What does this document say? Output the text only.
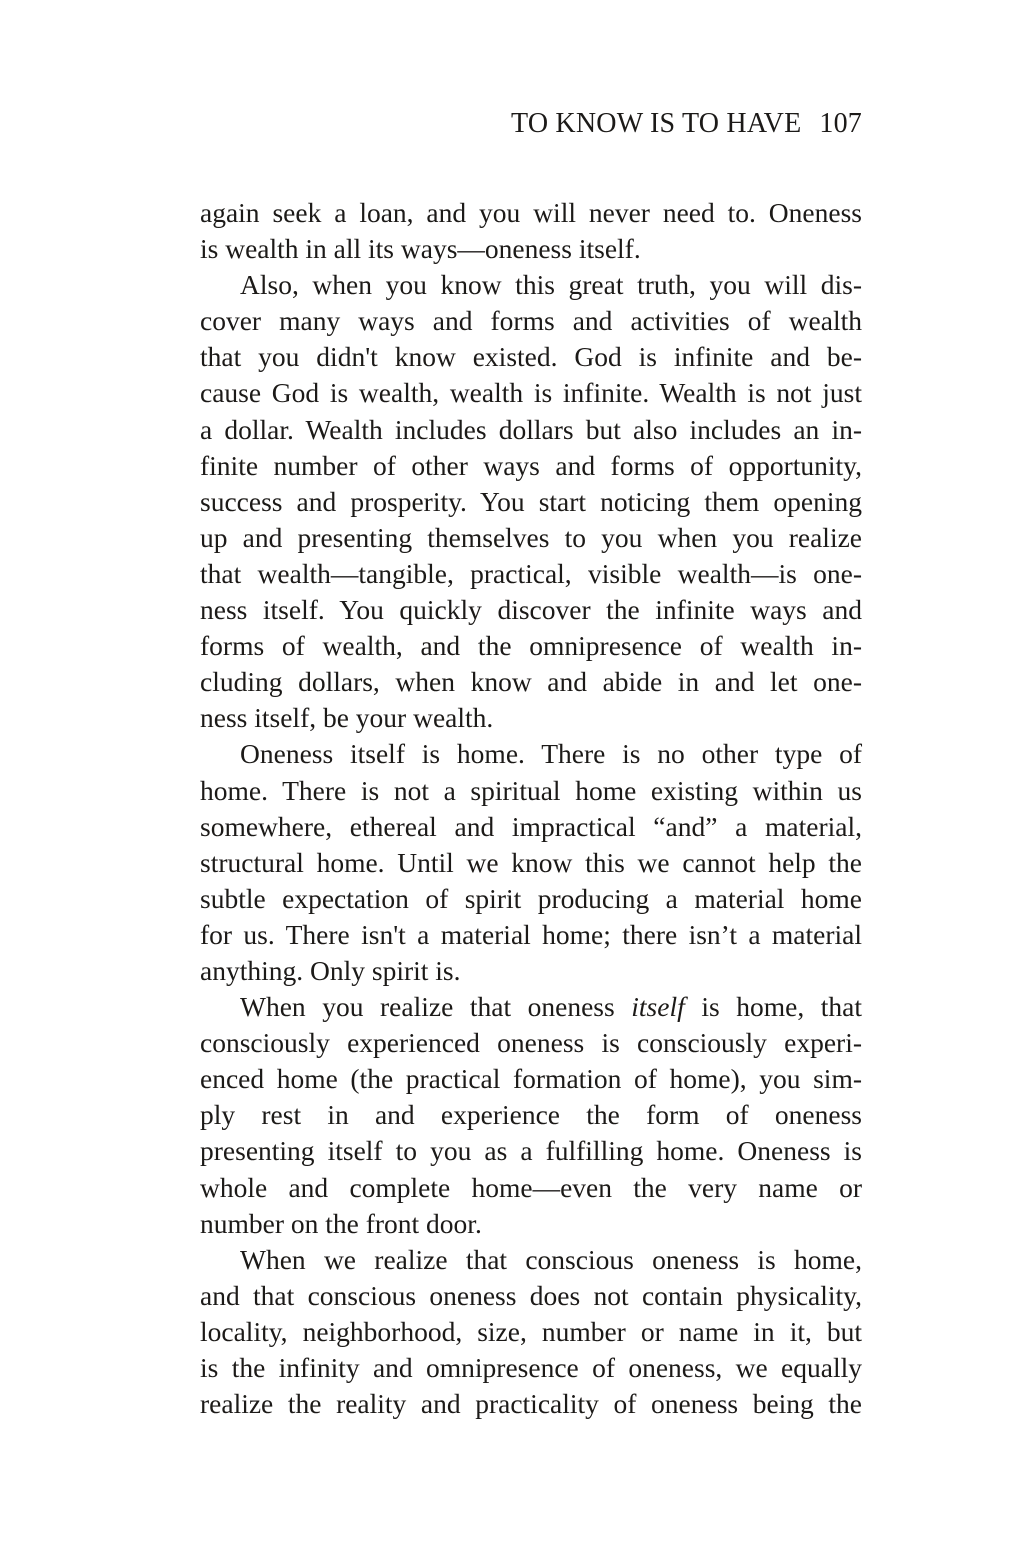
TO KNOW IS TO HAVE 107
again seek a loan, and you will never need to. Oneness
is wealth in all its ways—oneness itself.
Also, when you know this great truth, you will dis-
cover many ways and forms and activities of wealth
that you didn't know existed. God is infinite and be-
cause God is wealth, wealth is infinite. Wealth is not just
a dollar. Wealth includes dollars but also includes an in-
finite number of other ways and forms of opportunity,
success and prosperity. You start noticing them opening
up and presenting themselves to you when you realize
that wealth—tangible, practical, visible wealth—is one-
ness itself. You quickly discover the infinite ways and
forms of wealth, and the omnipresence of wealth in-
cluding dollars, when know and abide in and let one-
ness itself, be your wealth.
Oneness itself is home. There is no other type of
home. There is not a spiritual home existing within us
somewhere, ethereal and impractical “and” a material,
structural home. Until we know this we cannot help the
subtle expectation of spirit producing a material home
for us. There isn't a material home; there isn’t a material
anything. Only spirit is.
When you realize that oneness itself is home, that
consciously experienced oneness is consciously experi-
enced home (the practical formation of home), you sim-
ply rest in and experience the form of oneness
presenting itself to you as a fulfilling home. Oneness is
whole and complete home—even the very name or
number on the front door.
When we realize that conscious oneness is home,
and that conscious oneness does not contain physicality,
locality, neighborhood, size, number or name in it, but
is the infinity and omnipresence of oneness, we equally
realize the reality and practicality of oneness being the
